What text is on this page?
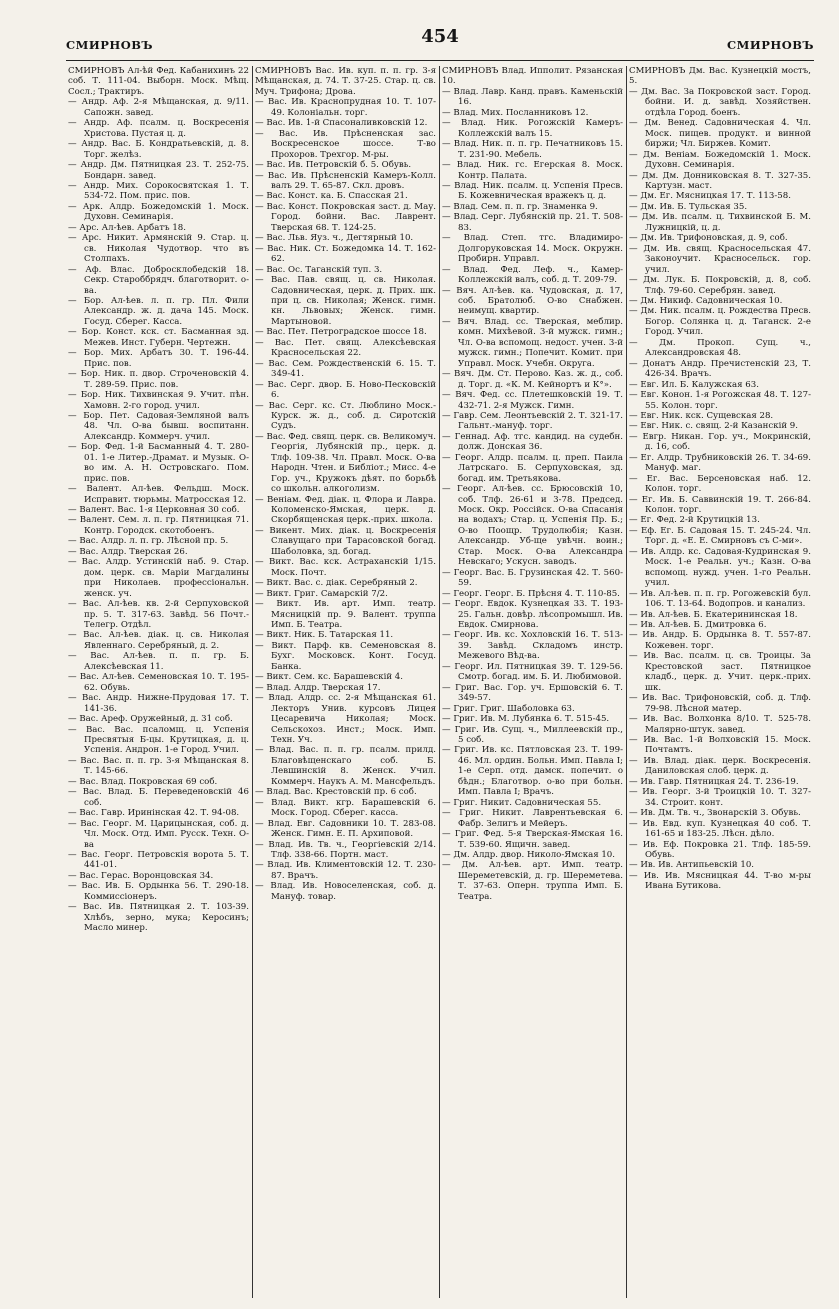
СМИРНОВЪ	454	СМИРНОВЪ

СМИРНОВЪ Ал-ѣй Фед. Кабанихинъ 22 соб. Т. 111-04. Выборн. Моск. Мѣщ. Сосл.; Трактиръ.

— Андр. Аф. 2-я Мѣщанская, д. 9/11. Сапожн. завед.

— Андр. Аф. псалм. ц. Воскресенія Христова. Пустая ц. д.

— Андр. Вас. Б. Кондратьевскій, д. 8. Торг. желѣз.

— Андр. Дм. Пятницкая 23. Т. 252-75. Бондарн. завед.

— Андр. Мих. Сорокосвятская 1. Т. 534-72. Пом. прис. пов.

— Арк. Алдр. Божедомскій 1. Моск. Духовн. Семинарія.

— Арс. Ал-ѣев. Арбатъ 18.

— Арс. Никит. Армянскій 9. Стар. ц. св. Николая Чудотвор. что въ Столпахъ.

— Аф. Влас. Добросклобедскій 18. Секр. Староббрядч. благотворит. о-ва.

— Бор. Ал-ѣев. л. п. гр. Пл. Фили Александр. ж. д. дача 145. Моск. Госуд. Сберег. Касса.

— Бор. Конст. кск. ст. Басманная зд. Межев. Инст. Губерн. Чертежн.

— Бор. Мих. Арбатъ 30. Т. 196-44. Прис. пов.

— Бор. Ник. п. двор. Строченовскій 4. Т. 289-59. Прис. пов.

— Бор. Ник. Тихвинская 9. Учит. пѣн. Хамовн. 2-го город. учил.

— Бор. Пет. Садовая-Земляной валъ 48. Чл. О-ва бывш. воспитанн. Александр. Коммерч. учил.

— Бор. Фед. 1-й Басманный 4. Т. 280-01. 1-е Литер.-Драмат. и Музык. О-во им. А. Н. Островскаго. Пом. прис. пов.

— Валент. Ал-ѣев. Фельдш. Моск. Исправит. тюрьмы. Матросская 12.

— Валент. Вас. 1-я Церковная 30 соб.

— Валент. Сем. л. п. гр. Пятницкая 71. Контр. Городск. скотобоенъ.

— Вас. Алдр. л. п. гр. Лѣсной пр. 5.

— Вас. Алдр. Тверская 26.

— Вас. Алдр. Устинскій наб. 9. Стар. дом. церк. св. Маріи Магдалины при Николаев. профессіональн. женск. уч.

— Вас. Ал-ѣев. кв. 2-й Серпуховской пр. 5. Т. 317-63. Завѣд. 56 Почт.-Телегр. Отдѣл.

— Вас. Ал-ѣев. діак. ц. св. Николая Явленнаго. Серебряный, д. 2.

— Вас. Ал-ѣев. п. п. гр. Б. Алексѣевская 11.

— Вас. Ал-ѣев. Семеновская 10. Т. 195-62. Обувь.

— Вас. Андр. Нижне-Прудовая 17. Т. 141-36.

— Вас. Ареф. Оружейный, д. 31 соб.

— Вас. Вас. псаломщ. ц. Успенія Пресвятыя Б-цы. Крутицкая, д. ц. Успенія. Андрон. 1-е Город. Учил.

— Вас. Вас. п. п. гр. 3-я Мѣщанская 8. Т. 145-66.

— Вас. Влад. Покровская 69 соб.

— Вас. Влад. Б. Переведеновскій 46 соб.

— Вас. Гавр. Иринінская 42. Т. 94-08.

— Вас. Георг. М. Царицынская, соб. д. Чл. Моск. Отд. Имп. Русск. Техн. О-ва

— Вас. Георг. Петровскія ворота 5. Т. 441-01.

— Вас. Герас. Воронцовская 34.

— Вас. Ив. Б. Ордынка 56. Т. 290-18. Коммиссіонеръ.

— Вас. Ив. Пятницкая 2. Т. 103-39. Хлѣбъ, зерно, мука; Керосинъ; Масло минер.

СМИРНОВЪ Вас. Ив. куп. п. п. гр. 3-я Мѣщанская, д. 74. Т. 37-25. Стар. ц. св. Муч. Трифона; Дрова.

— Вас. Ив. Краснопрудная 10. Т. 107-49. Колоніальн. торг.

— Вас. Ив. 1-й Спасоналивковскій 12.

— Вас. Ив. Прѣсненская зас. Воскресенское шоссе. Т-во Прохоров. Трехгор. М-ры.

— Вас. Ив. Петровскій б. 5. Обувь.

— Вас. Ив. Прѣсненскій Камеръ-Колл. валъ 29. Т. 65-87. Скл. дровъ.

— Вас. Конст. ка. Б. Спасская 21.

— Вас. Конст. Покровская заст. д. Мау. Город. бойни. Вас. Лаврент. Тверская 68. Т. 124-25.

— Вас. Льв. Яуз. ч., Дегтярный 10.

— Вас. Ник. Ст. Божедомка 14. Т. 162-62.

— Вас. Ос. Таганскій туп. 3.

— Вас. Пав. свящ. ц. св. Николая. Садовническая, церк. д. Прих. шк. при ц. св. Николая; Женск. гимн. кн. Львовых; Женск. гимн. Мартыновой.

— Вас. Пет. Петроградское шоссе 18.

— Вас. Пет. свящ. Алексѣевская Красносельская 22.

— Вас. Сем. Рождественскій 6. 15. Т. 349-41.

— Вас. Серг. двор. Б. Ново-Песковскій 6.

— Вас. Серг. кс. Ст. Люблино Моск.-Курск. ж. д., соб. д. Сиротскій Судъ.

— Вас. Фед. свящ. церк. св. Великомуч. Георгія, Лубянскій пр., церк. д. Тлф. 109-38. Чл. Правл. Моск. О-ва Народн. Чтен. и Библіот.; Мисс. 4-е Гор. уч., Кружокъ дѣят. по борьбѣ со школьн. алкоголизм.

— Веніам. Фед. діак. ц. Флора и Лавра. Коломенско-Ямская, церк. д. Скорбященская церк.-прих. школа.

— Викент. Мих. діак. ц. Воскресенія Славущаго при Тарасовской богад. Шаболовка, зд. богад.

— Викт. Вас. кск. Астраханскій 1/15. Моск. Почт.

— Викт. Вас. с. діак. Серебряный 2.

— Викт. Григ. Самарскій 7/2.

— Викт. Ив. арт. Имп. театр. Мясницкій пр. 9. Валент. труппа Имп. Б. Театра.

— Викт. Ник. Б. Татарская 11.

— Викт. Парф. кв. Семеновская 8. Бухг. Московск. Конт. Госуд. Банка.

— Викт. Сем. кс. Барашевскій 4.

— Влад. Алдр. Тверская 17.

— Влад. Алдр. сс. 2-я Мѣщанская 61. Лекторъ Унив. курсовъ Лицея Цесаревича Николая; Моск. Сельскохоз. Инст.; Моск. Имп. Техн. Уч.

— Влад. Вас. п. п. гр. псалм. прилд. Благовѣщенскаго соб. Б. Левшинскій 8. Женск. Учил. Коммерч. Наукъ А. М. Мансфельдъ.

— Влад. Вас. Крестовскій пр. 6 соб.

— Влад. Викт. кгр. Барашевскій 6. Моск. Город. Сберег. касса.

— Влад. Евг. Садовники 10. Т. 283-08. Женск. Гимн. Е. П. Архиповой.

— Влад. Ив. Тв. ч., Георгіевскій 2/14. Тлф. 338-66. Портн. маст.

— Влад. Ив. Климентовскій 12. Т. 230-87. Врачъ.

— Влад. Ив. Новоселенская, соб. д. Мануф. товар.

СМИРНОВЪ Влад. Ипполит. Рязанская 10.

— Влад. Лавр. Канд. правъ. Каменьскій 16.

— Влад. Мих. Посланниковъ 12.

— Влад. Ник. Рогожскій Камеръ-Коллежскій валъ 15.

— Влад. Ник. п. п. гр. Печатниковъ 15. Т. 231-90. Мебель.

— Влад. Ник. гс. Егерская 8. Моск. Контр. Палата.

— Влад. Ник. псалм. ц. Успенія Пресв. Б. Кожевническая вражекъ ц. д.

— Влад. Сем. п. п. гр. Знаменка 9.

— Влад. Серг. Лубянскій пр. 21. Т. 508-83.

— Влад. Степ. тгс. Владимиро-Долгоруковская 14. Моск. Окружн. Пробирн. Управл.

— Влад. Фед. Леф. ч., Камер-Коллежскій валъ, соб. д. Т. 209-79.

— Вяч. Ал-ѣев. ка. Чудовская, д. 17, соб. Братолюб. О-во Снабжен. неимущ. квартир.

— Вяч. Влад. сс. Тверская, меблир. комн. Михѣевой. 3-й мужск. гимн.; Чл. О-ва вспомощ. недост. учен. 3-й мужск. гимн.; Попечит. Комит. при Управл. Моск. Учебн. Округа.

— Вяч. Дм. Ст. Перово. Каз. ж. д., соб. д. Торг. д. «К. М. Кейнортъ и К°».

— Вяч. Фед. сс. Плетешковскій 19. Т. 432-71. 2-я Мужск. Гимн.

— Гавр. Сем. Леонтьевскій 2. Т. 321-17. Гальнт.-мануф. торг.

— Геннад. Аф. тгс. кандид. на судебн. долж. Донская 36.

— Георг. Алдр. псалм. ц. преп. Паила Латрскаго. Б. Серпуховская, зд. богад. им. Третьякова.

— Георг. Ал-ѣев. сс. Брюсовскій 10, соб. Тлф. 26-61 и 3-78. Председ. Моск. Окр. Россійск. О-ва Спасанія на водахъ; Стар. ц. Успенія Пр. Б.; О-во Поощр. Трудолюбія; Казн. Александр. Уб-ще увѣчн. воин.; Стар. Моск. О-ва Александра Невскаго; Ускусн. заводъ.

— Георг. Вас. Б. Грузинская 42. Т. 560-59.

— Георг. Георг. Б. Прѣсня 4. Т. 110-85.

— Георг. Евдок. Кузнецкая 33. Т. 193-25. Гальн. довѣр. лѣсопромышл. Ив. Евдок. Смирнова.

— Георг. Ив. кс. Хохловскій 16. Т. 513-39. Завѣд. Складомъ инстр. Межевого Вѣд-ва.

— Георг. Ил. Пятницкая 39. Т. 129-56. Смотр. богад. им. Б. И. Любимовой.

— Григ. Вас. Гор. уч. Ершовскій 6. Т. 349-57.

— Григ. Григ. Шаболовка 63.

— Григ. Ив. М. Лубянка 6. Т. 515-45.

— Григ. Ив. Сущ. ч., Миллеевскій пр., 5 соб.

— Григ. Ив. кс. Пятловская 23. Т. 199-46. Мл. ордин. Больн. Имп. Павла I; 1-е Серп. отд. дамск. попечит. о бѣдн.; Благотвор. о-во при больн. Имп. Павла I; Врачъ.

— Григ. Никит. Садовническая 55.

— Григ. Никит. Лаврентьевская 6. Фабр. Зелигъ и Мейеръ.

— Григ. Фед. 5-я Тверская-Ямская 16. Т. 539-60. Ящичн. завед.

— Дм. Алдр. двор. Николо-Ямская 10.

— Дм. Ал-ѣев. арт. Имп. театр. Шереметевскій, д. гр. Шереметева. Т. 37-63. Оперн. труппа Имп. Б. Театра.

СМИРНОВЪ Дм. Вас. Кузнецкій мостъ, 5.

— Дм. Вас. За Покровской заст. Город. бойни. И. д. завѣд. Хозяйствен. отдѣла Город. боенъ.

— Дм. Венед. Садовническая 4. Чл. Моск. пищев. продукт. и винной биржи; Чл. Биржев. Комит.

— Дм. Веніам. Божедомскій 1. Моск. Духовн. Семинарія.

— Дм. Дм. Донниковская 8. Т. 327-35. Картузн. маст.

— Дм. Ег. Мясницкая 17. Т. 113-58.

— Дм. Ив. Б. Тульская 35.

— Дм. Ив. псалм. ц. Тихвинской Б. М. Лужницкій, ц. д.

— Дм. Ив. Трифоновская, д. 9, соб.

— Дм. Ив. свящ. Красносельская 47. Законоучит. Красносельск. гор. учил.

— Дм. Лук. Б. Покровскій, д. 8, соб. Тлф. 79-60. Серебрян. завед.

— Дм. Никиф. Садовническая 10.

— Дм. Ник. псалм. ц. Рождества Пресв. Богор. Солянка ц. д. Таганск. 2-е Город. Учил.

— Дм. Прокоп. Сущ. ч., Александровская 48.

— Донатъ Андр. Пречистенскій 23, Т. 426-34. Врачъ.

— Евг. Ил. Б. Калужская 63.

— Евг. Конон. 1-я Рогожская 48. Т. 127-55. Колон. торг.

— Евг. Ник. кск. Сущевская 28.

— Евг. Ник. с. свящ. 2-й Казанскій 9.

— Евгр. Никан. Гор. уч., Мокринскій, д. 16, соб.

— Ег. Алдр. Трубниковскій 26. Т. 34-69. Мануф. маг.

— Ег. Вас. Берсеновская наб. 12. Колон. торг.

— Ег. Ив. Б. Саввинскій 19. Т. 266-84. Колон. торг.

— Ег. Фед. 2-й Крутицкій 13.

— Еф. Ег. Б. Садовая 15. Т. 245-24. Чл. Торг. д. «Е. Е. Смирновъ съ С-ми».

— Ив. Алдр. кс. Садовая-Кудринская 9. Моск. 1-е Реальн. уч.; Казн. О-ва вспомощ. нужд. учен. 1-го Реальн. учил.

— Ив. Ал-ѣев. п. п. гр. Рогожевскій бул. 106. Т. 13-64. Водопров. и канализ.

— Ив. Ал-ѣев. Б. Екатерининская 18.

— Ив. Ал-ѣев. Б. Дмитровка 6.

— Ив. Андр. Б. Ордынка 8. Т. 557-87. Кожевен. торг.

— Ив. Вас. псалм. ц. св. Троицы. За Крестовской заст. Пятницкое кладб., церк. д. Учит. церк.-прих. шк.

— Ив. Вас. Трифоновскій, соб. д. Тлф. 79-98. Лѣсной матер.

— Ив. Вас. Волхонка 8/10. Т. 525-78. Малярно-штук. завед.

— Ив. Вас. 1-й Волховскій 15. Моск. Почтамтъ.

— Ив. Влад. діак. церк. Воскресенія. Даниловская слоб. церк. д.

— Ив. Гавр. Пятницкая 24. Т. 236-19.

— Ив. Георг. 3-й Троицкій 10. Т. 327-34. Строит. конт.

— Ив. Дм. Тв. ч., Звонарскій 3. Обувь.

— Ив. Евд. куп. Кузнецкая 40 соб. Т. 161-65 и 183-25. Лѣсн. дѣло.

— Ив. Еф. Покровка 21. Тлф. 185-59. Обувь.

— Ив. Ив. Антипьевскій 10.

— Ив. Ив. Мясницкая 44. Т-во м-ры Ивана Бутикова.
